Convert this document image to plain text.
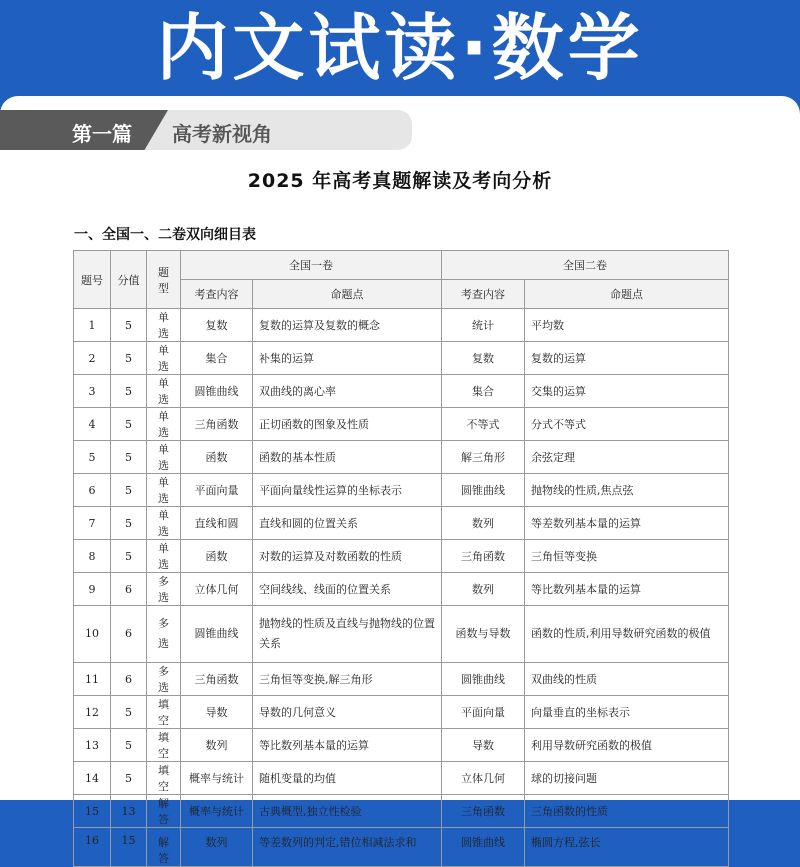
内文试读·数学
第一篇 高考新视角
2025 年高考真题解读及考向分析
一、全国一、二卷双向细目表
题号	分值	题型	全国一卷		全国二卷	
			考查内容	命题点	考查内容	命题点
1	5	单选	复数	复数的运算及复数的概念	统计	平均数
2	5	单选	集合	补集的运算	复数	复数的运算
3	5	单选	圆锥曲线	双曲线的离心率	集合	交集的运算
4	5	单选	三角函数	正切函数的图象及性质	不等式	分式不等式
5	5	单选	函数	函数的基本性质	解三角形	余弦定理
6	5	单选	平面向量	平面向量线性运算的坐标表示	圆锥曲线	抛物线的性质,焦点弦
7	5	单选	直线和圆	直线和圆的位置关系	数列	等差数列基本量的运算
8	5	单选	函数	对数的运算及对数函数的性质	三角函数	三角恒等变换
9	6	多选	立体几何	空间线线、线面的位置关系	数列	等比数列基本量的运算
10	6	多选	圆锥曲线	抛物线的性质及直线与抛物线的位置关系	函数与导数	函数的性质,利用导数研究函数的极值
11	6	多选	三角函数	三角恒等变换,解三角形	圆锥曲线	双曲线的性质
12	5	填空	导数	导数的几何意义	平面向量	向量垂直的坐标表示
13	5	填空	数列	等比数列基本量的运算	导数	利用导数研究函数的极值
14	5	填空	概率与统计	随机变量的均值	立体几何	球的切接问题
15	13	解答	概率与统计	古典概型,独立性检验	三角函数	三角函数的性质
16	15	解答	数列	等差数列的判定,错位相减法求和	圆锥曲线	椭圆方程,弦长
